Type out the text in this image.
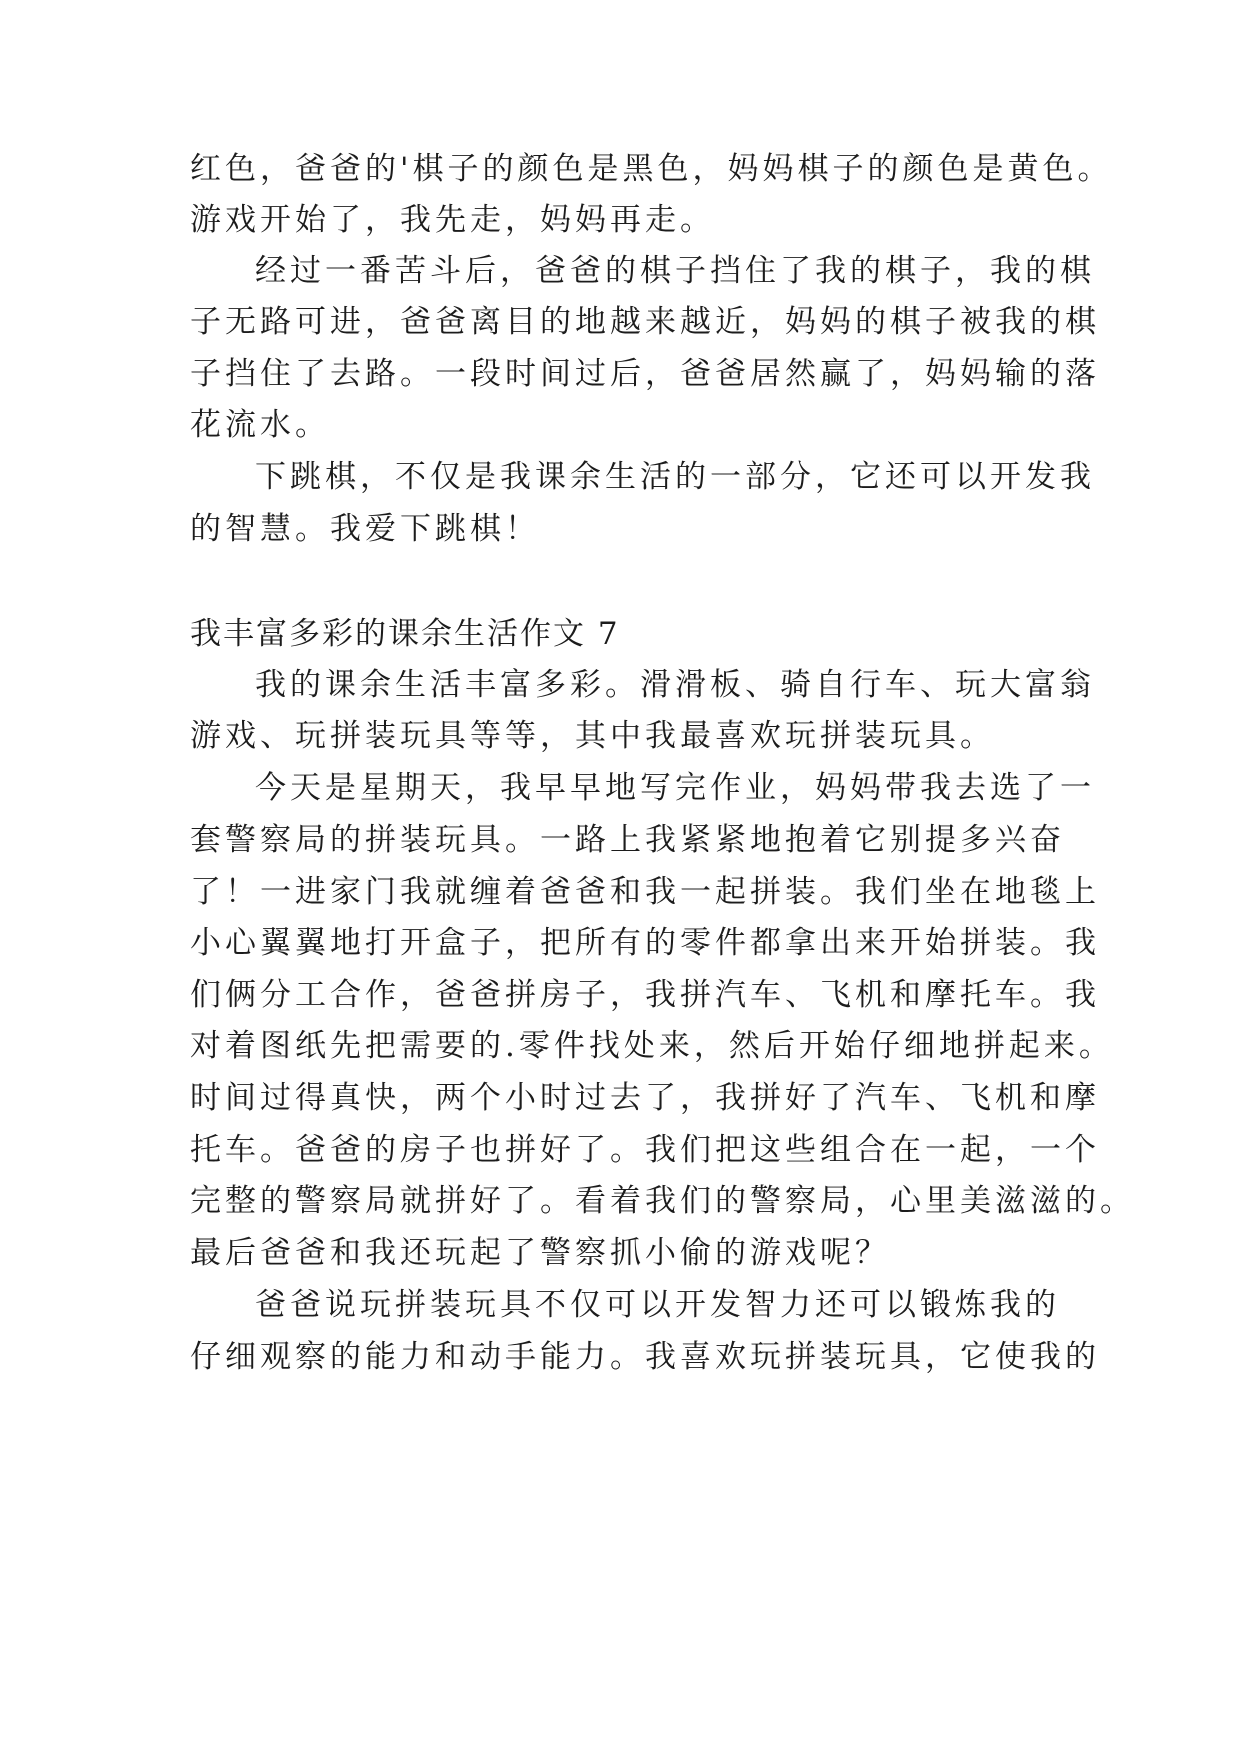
红色，爸爸的'棋子的颜色是黑色，妈妈棋子的颜色是黄色。
游戏开始了，我先走，妈妈再走。
经过一番苦斗后，爸爸的棋子挡住了我的棋子，我的棋
子无路可进，爸爸离目的地越来越近，妈妈的棋子被我的棋
子挡住了去路。一段时间过后，爸爸居然赢了，妈妈输的落
花流水。
下跳棋，不仅是我课余生活的一部分，它还可以开发我
的智慧。我爱下跳棋！
我丰富多彩的课余生活作文 7
我的课余生活丰富多彩。滑滑板、骑自行车、玩大富翁
游戏、玩拼装玩具等等，其中我最喜欢玩拼装玩具。
今天是星期天，我早早地写完作业，妈妈带我去选了一
套警察局的拼装玩具。一路上我紧紧地抱着它别提多兴奋
了！一进家门我就缠着爸爸和我一起拼装。我们坐在地毯上
小心翼翼地打开盒子，把所有的零件都拿出来开始拼装。我
们俩分工合作，爸爸拼房子，我拼汽车、飞机和摩托车。我
对着图纸先把需要的.零件找处来，然后开始仔细地拼起来。
时间过得真快，两个小时过去了，我拼好了汽车、飞机和摩
托车。爸爸的房子也拼好了。我们把这些组合在一起，一个
完整的警察局就拼好了。看着我们的警察局，心里美滋滋的。
最后爸爸和我还玩起了警察抓小偷的游戏呢？
爸爸说玩拼装玩具不仅可以开发智力还可以锻炼我的
仔细观察的能力和动手能力。我喜欢玩拼装玩具，它使我的
